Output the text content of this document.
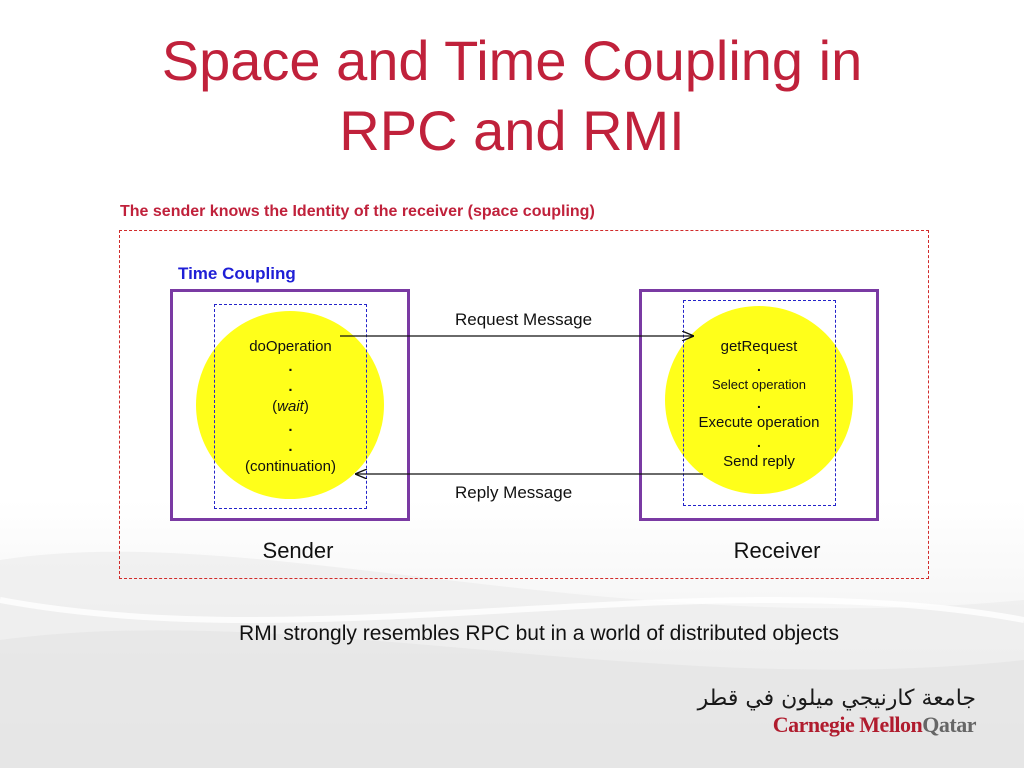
Space and Time Coupling in
RPC and RMI
The sender knows the Identity of the receiver (space coupling)
Time Coupling
doOperation
.
.
(wait)
.
.
(continuation)
Sender
getRequest
.
Select operation
.
Execute operation
.
Send reply
Receiver
Request Message
Reply Message
RMI strongly resembles RPC but in a world of distributed objects
جامعة كارنيجي ميلون في قطر
Carnegie MellonQatar
